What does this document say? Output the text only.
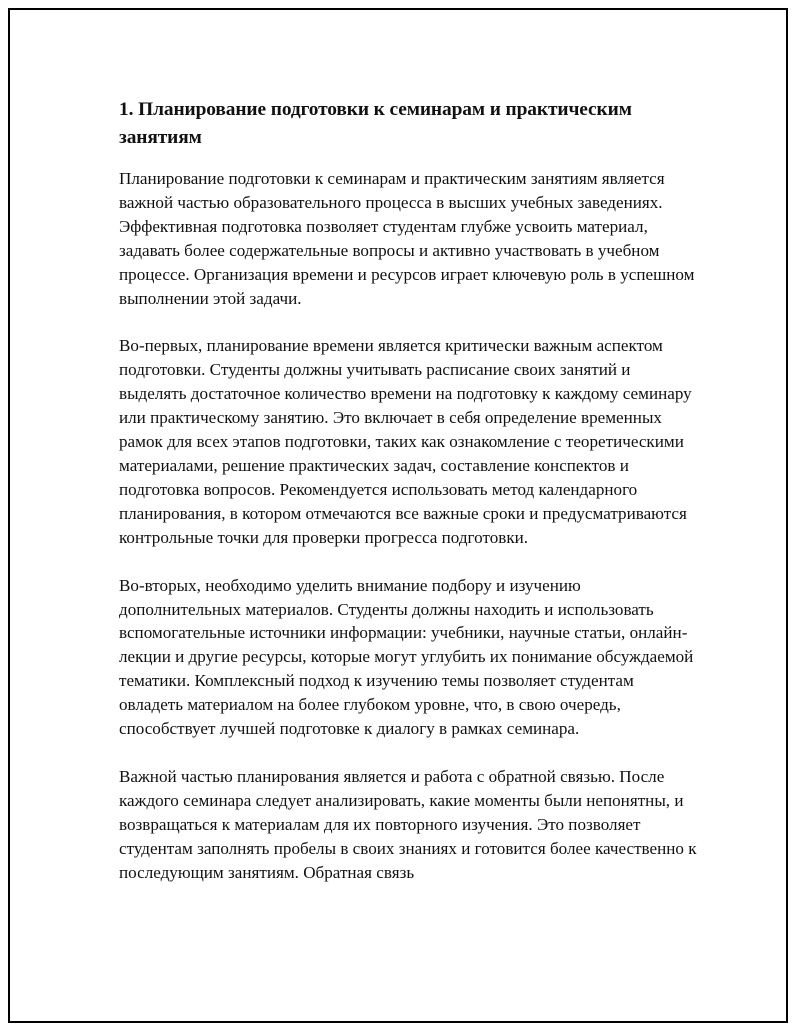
1. Планирование подготовки к семинарам и практическим занятиям

Планирование подготовки к семинарам и практическим занятиям является важной частью образовательного процесса в высших учебных заведениях. Эффективная подготовка позволяет студентам глубже усвоить материал, задавать более содержательные вопросы и активно участвовать в учебном процессе. Организация времени и ресурсов играет ключевую роль в успешном выполнении этой задачи.

Во-первых, планирование времени является критически важным аспектом подготовки. Студенты должны учитывать расписание своих занятий и выделять достаточное количество времени на подготовку к каждому семинару или практическому занятию. Это включает в себя определение временных рамок для всех этапов подготовки, таких как ознакомление с теоретическими материалами, решение практических задач, составление конспектов и подготовка вопросов. Рекомендуется использовать метод календарного планирования, в котором отмечаются все важные сроки и предусматриваются контрольные точки для проверки прогресса подготовки.

Во-вторых, необходимо уделить внимание подбору и изучению дополнительных материалов. Студенты должны находить и использовать вспомогательные источники информации: учебники, научные статьи, онлайн-лекции и другие ресурсы, которые могут углубить их понимание обсуждаемой тематики. Комплексный подход к изучению темы позволяет студентам овладеть материалом на более глубоком уровне, что, в свою очередь, способствует лучшей подготовке к диалогу в рамках семинара.

Важной частью планирования является и работа с обратной связью. После каждого семинара следует анализировать, какие моменты были непонятны, и возвращаться к материалам для их повторного изучения. Это позволяет студентам заполнять пробелы в своих знаниях и готовится более качественно к последующим занятиям. Обратная связь
